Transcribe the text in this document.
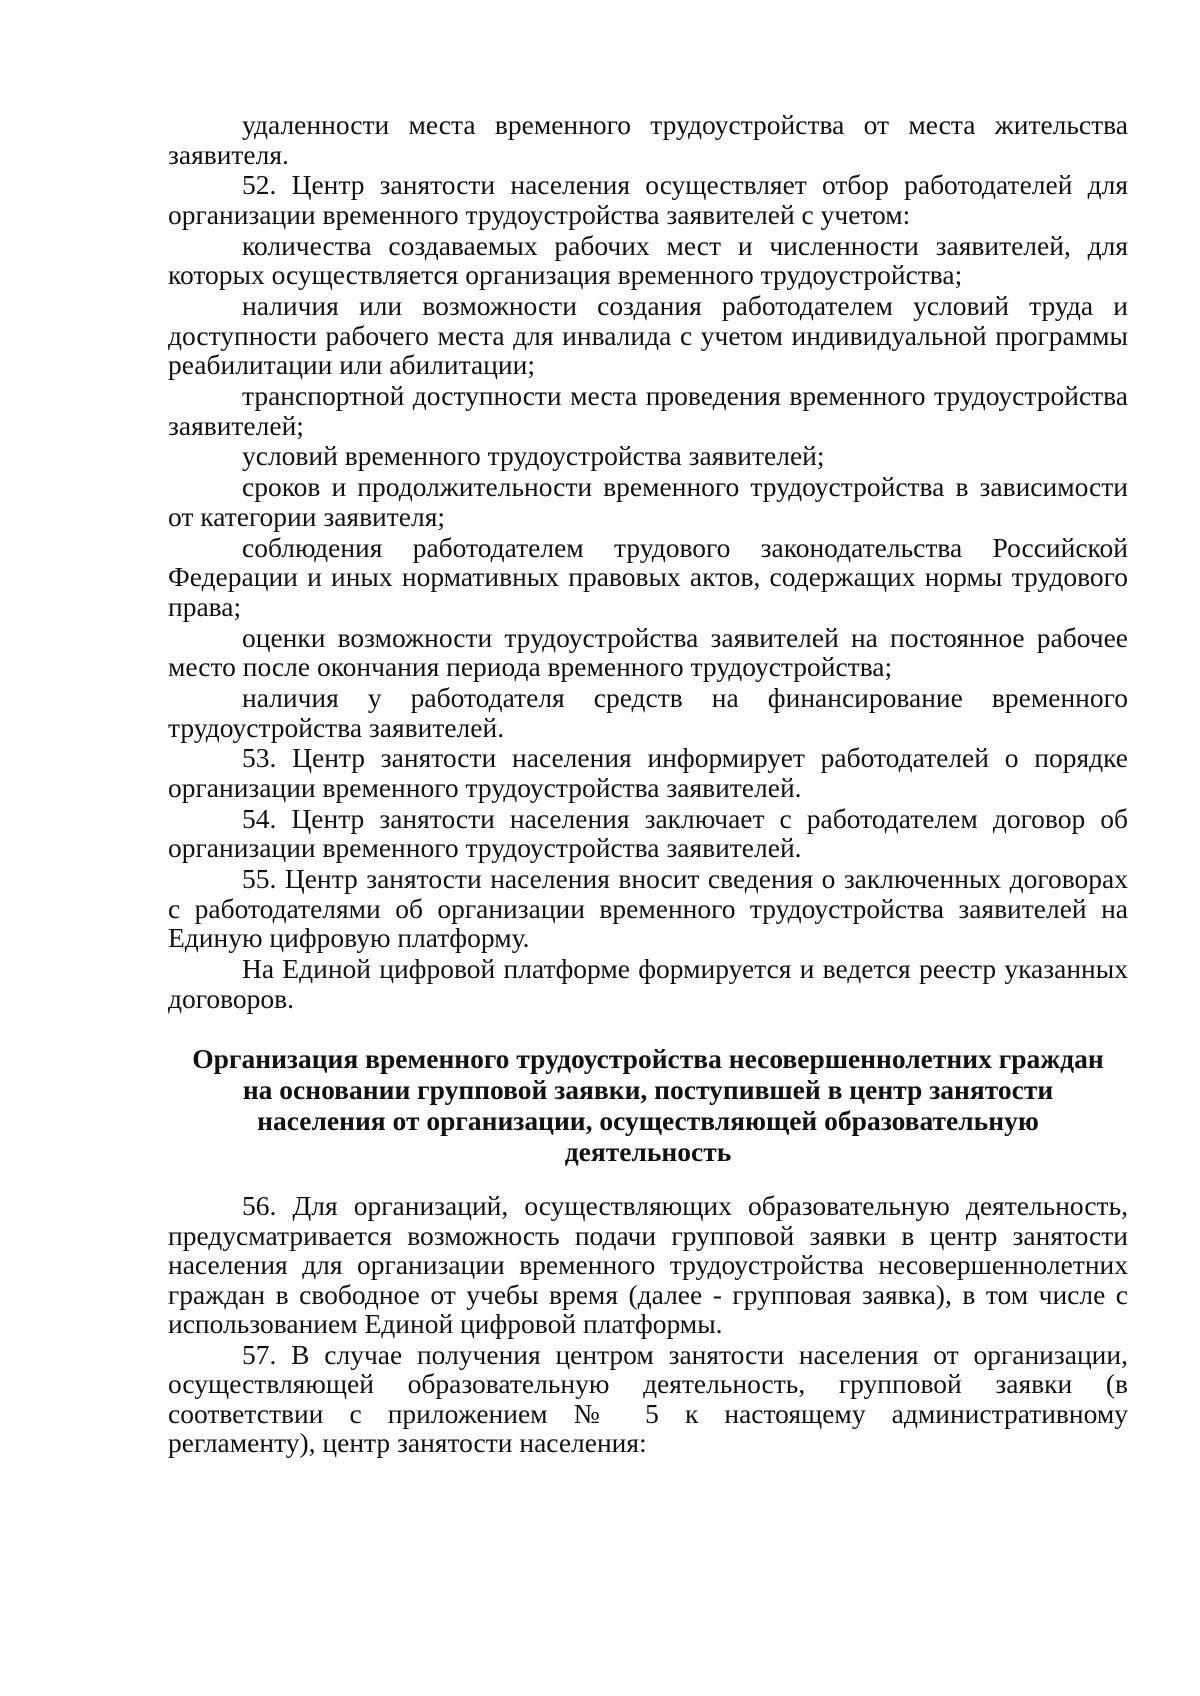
удаленности места временного трудоустройства от места жительства заявителя.

52. Центр занятости населения осуществляет отбор работодателей для организации временного трудоустройства заявителей с учетом:

количества создаваемых рабочих мест и численности заявителей, для которых осуществляется организация временного трудоустройства;

наличия или возможности создания работодателем условий труда и доступности рабочего места для инвалида с учетом индивидуальной программы реабилитации или абилитации;

транспортной доступности места проведения временного трудоустройства заявителей;

условий временного трудоустройства заявителей;

сроков и продолжительности временного трудоустройства в зависимости от категории заявителя;

соблюдения работодателем трудового законодательства Российской Федерации и иных нормативных правовых актов, содержащих нормы трудового права;

оценки возможности трудоустройства заявителей на постоянное рабочее место после окончания периода временного трудоустройства;

наличия у работодателя средств на финансирование временного трудоустройства заявителей.

53. Центр занятости населения информирует работодателей о порядке организации временного трудоустройства заявителей.

54. Центр занятости населения заключает с работодателем договор об организации временного трудоустройства заявителей.

55. Центр занятости населения вносит сведения о заключенных договорах с работодателями об организации временного трудоустройства заявителей на Единую цифровую платформу.

На Единой цифровой платформе формируется и ведется реестр указанных договоров.

Организация временного трудоустройства несовершеннолетних граждан
на основании групповой заявки, поступившей в центр занятости
населения от организации, осуществляющей образовательную
деятельность

56. Для организаций, осуществляющих образовательную деятельность, предусматривается возможность подачи групповой заявки в центр занятости населения для организации временного трудоустройства несовершеннолетних граждан в свободное от учебы время (далее - групповая заявка), в том числе с использованием Единой цифровой платформы.

57. В случае получения центром занятости населения от организации, осуществляющей образовательную деятельность, групповой заявки (в соответствии с приложением № 5 к настоящему административному регламенту), центр занятости населения:
